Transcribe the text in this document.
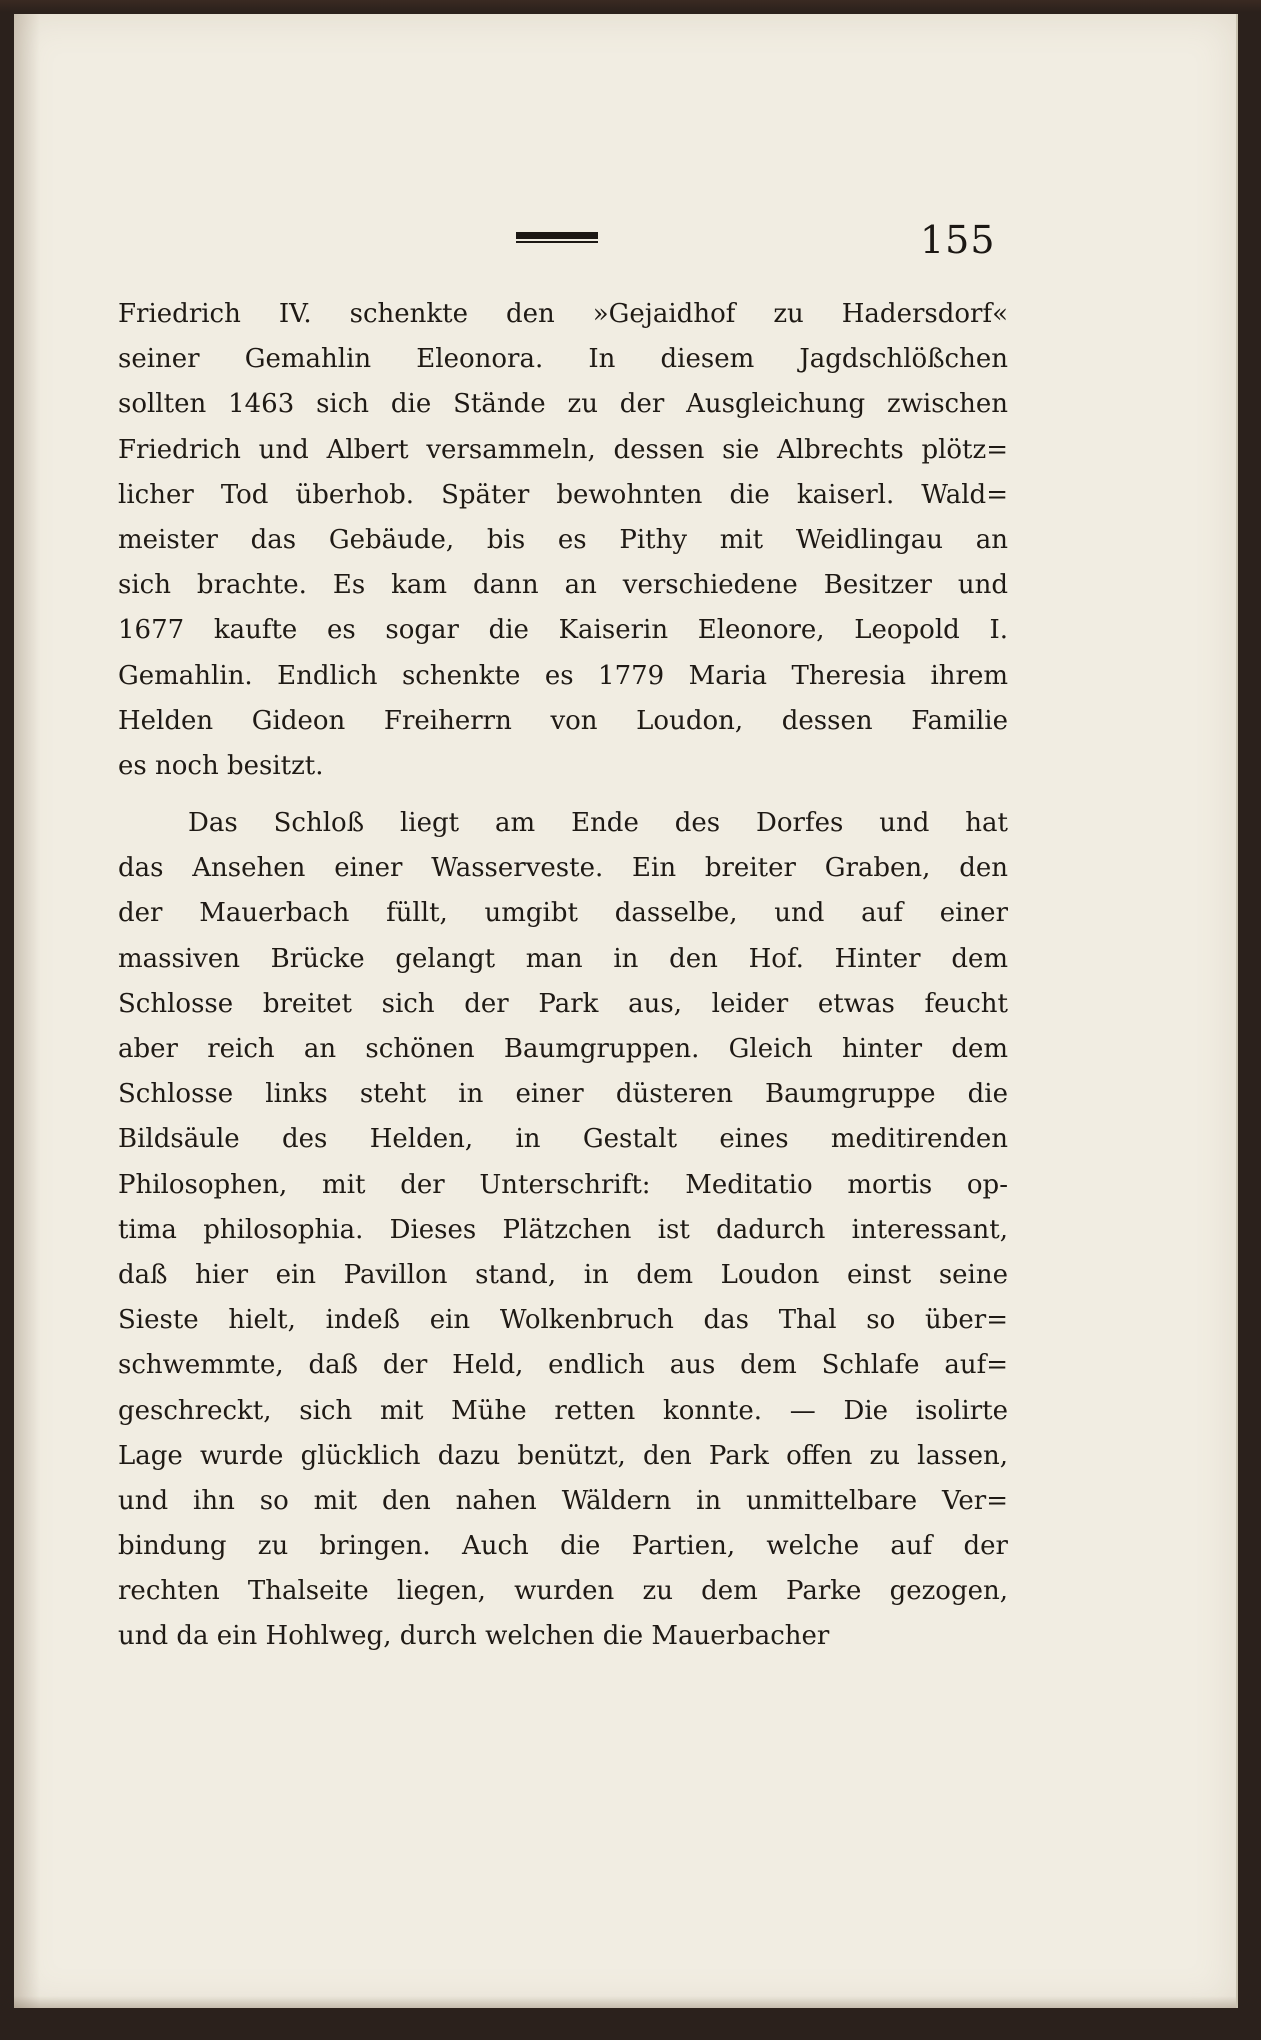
155
Friedrich IV. schenkte den »Gejaidhof zu Hadersdorf«
seiner Gemahlin Eleonora. In diesem Jagdschlößchen
sollten 1463 sich die Stände zu der Ausgleichung zwischen
Friedrich und Albert versammeln, dessen sie Albrechts plötz=
licher Tod überhob. Später bewohnten die kaiserl. Wald=
meister das Gebäude, bis es Pithy mit Weidlingau an
sich brachte. Es kam dann an verschiedene Besitzer und
1677 kaufte es sogar die Kaiserin Eleonore, Leopold I.
Gemahlin. Endlich schenkte es 1779 Maria Theresia ihrem
Helden Gideon Freiherrn von Loudon, dessen Familie
es noch besitzt.
Das Schloß liegt am Ende des Dorfes und hat
das Ansehen einer Wasserveste. Ein breiter Graben, den
der Mauerbach füllt, umgibt dasselbe, und auf einer
massiven Brücke gelangt man in den Hof. Hinter dem
Schlosse breitet sich der Park aus, leider etwas feucht
aber reich an schönen Baumgruppen. Gleich hinter dem
Schlosse links steht in einer düsteren Baumgruppe die
Bildsäule des Helden, in Gestalt eines meditirenden
Philosophen, mit der Unterschrift: Meditatio mortis op-
tima philosophia. Dieses Plätzchen ist dadurch interessant,
daß hier ein Pavillon stand, in dem Loudon einst seine
Sieste hielt, indeß ein Wolkenbruch das Thal so über=
schwemmte, daß der Held, endlich aus dem Schlafe auf=
geschreckt, sich mit Mühe retten konnte. — Die isolirte
Lage wurde glücklich dazu benützt, den Park offen zu lassen,
und ihn so mit den nahen Wäldern in unmittelbare Ver=
bindung zu bringen. Auch die Partien, welche auf der
rechten Thalseite liegen, wurden zu dem Parke gezogen,
und da ein Hohlweg, durch welchen die Mauerbacher
